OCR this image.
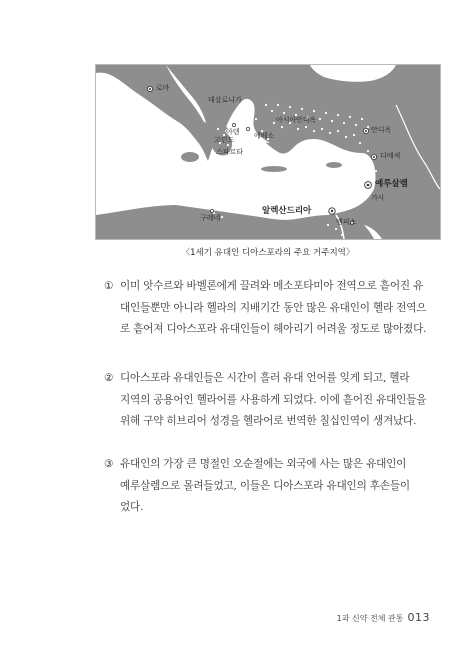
로마
데살로니가
아시아 안디옥
아덴
고린도	에베소
스파르타
안디옥
디메섹
예루살렘
가사
구레네
알렉산드리아
멤피스
〈1세기 유대인 디아스포라의 주요 거주지역〉
① 이미 앗수르와 바벨론에게 끌려와 메소포타미아 전역으로 흩어진 유
대인들뿐만 아니라 헬라의 지배기간 동안 많은 유대인이 헬라 전역으
로 흩어져 디아스포라 유대인들이 헤아리기 어려울 정도로 많아졌다.
② 디아스포라 유대인들은 시간이 흘러 유대 언어를 잊게 되고, 헬라
지역의 공용어인 헬라어를 사용하게 되었다. 이에 흩어진 유대인들을
위해 구약 히브리어 성경을 헬라어로 번역한 칠십인역이 생겨났다.
③ 유대인의 가장 큰 명절인 오순절에는 외국에 사는 많은 유대인이
예루살렘으로 몰려들었고, 이들은 디아스포라 유대인의 후손들이
었다.
1과 신약 전체 관통 013
